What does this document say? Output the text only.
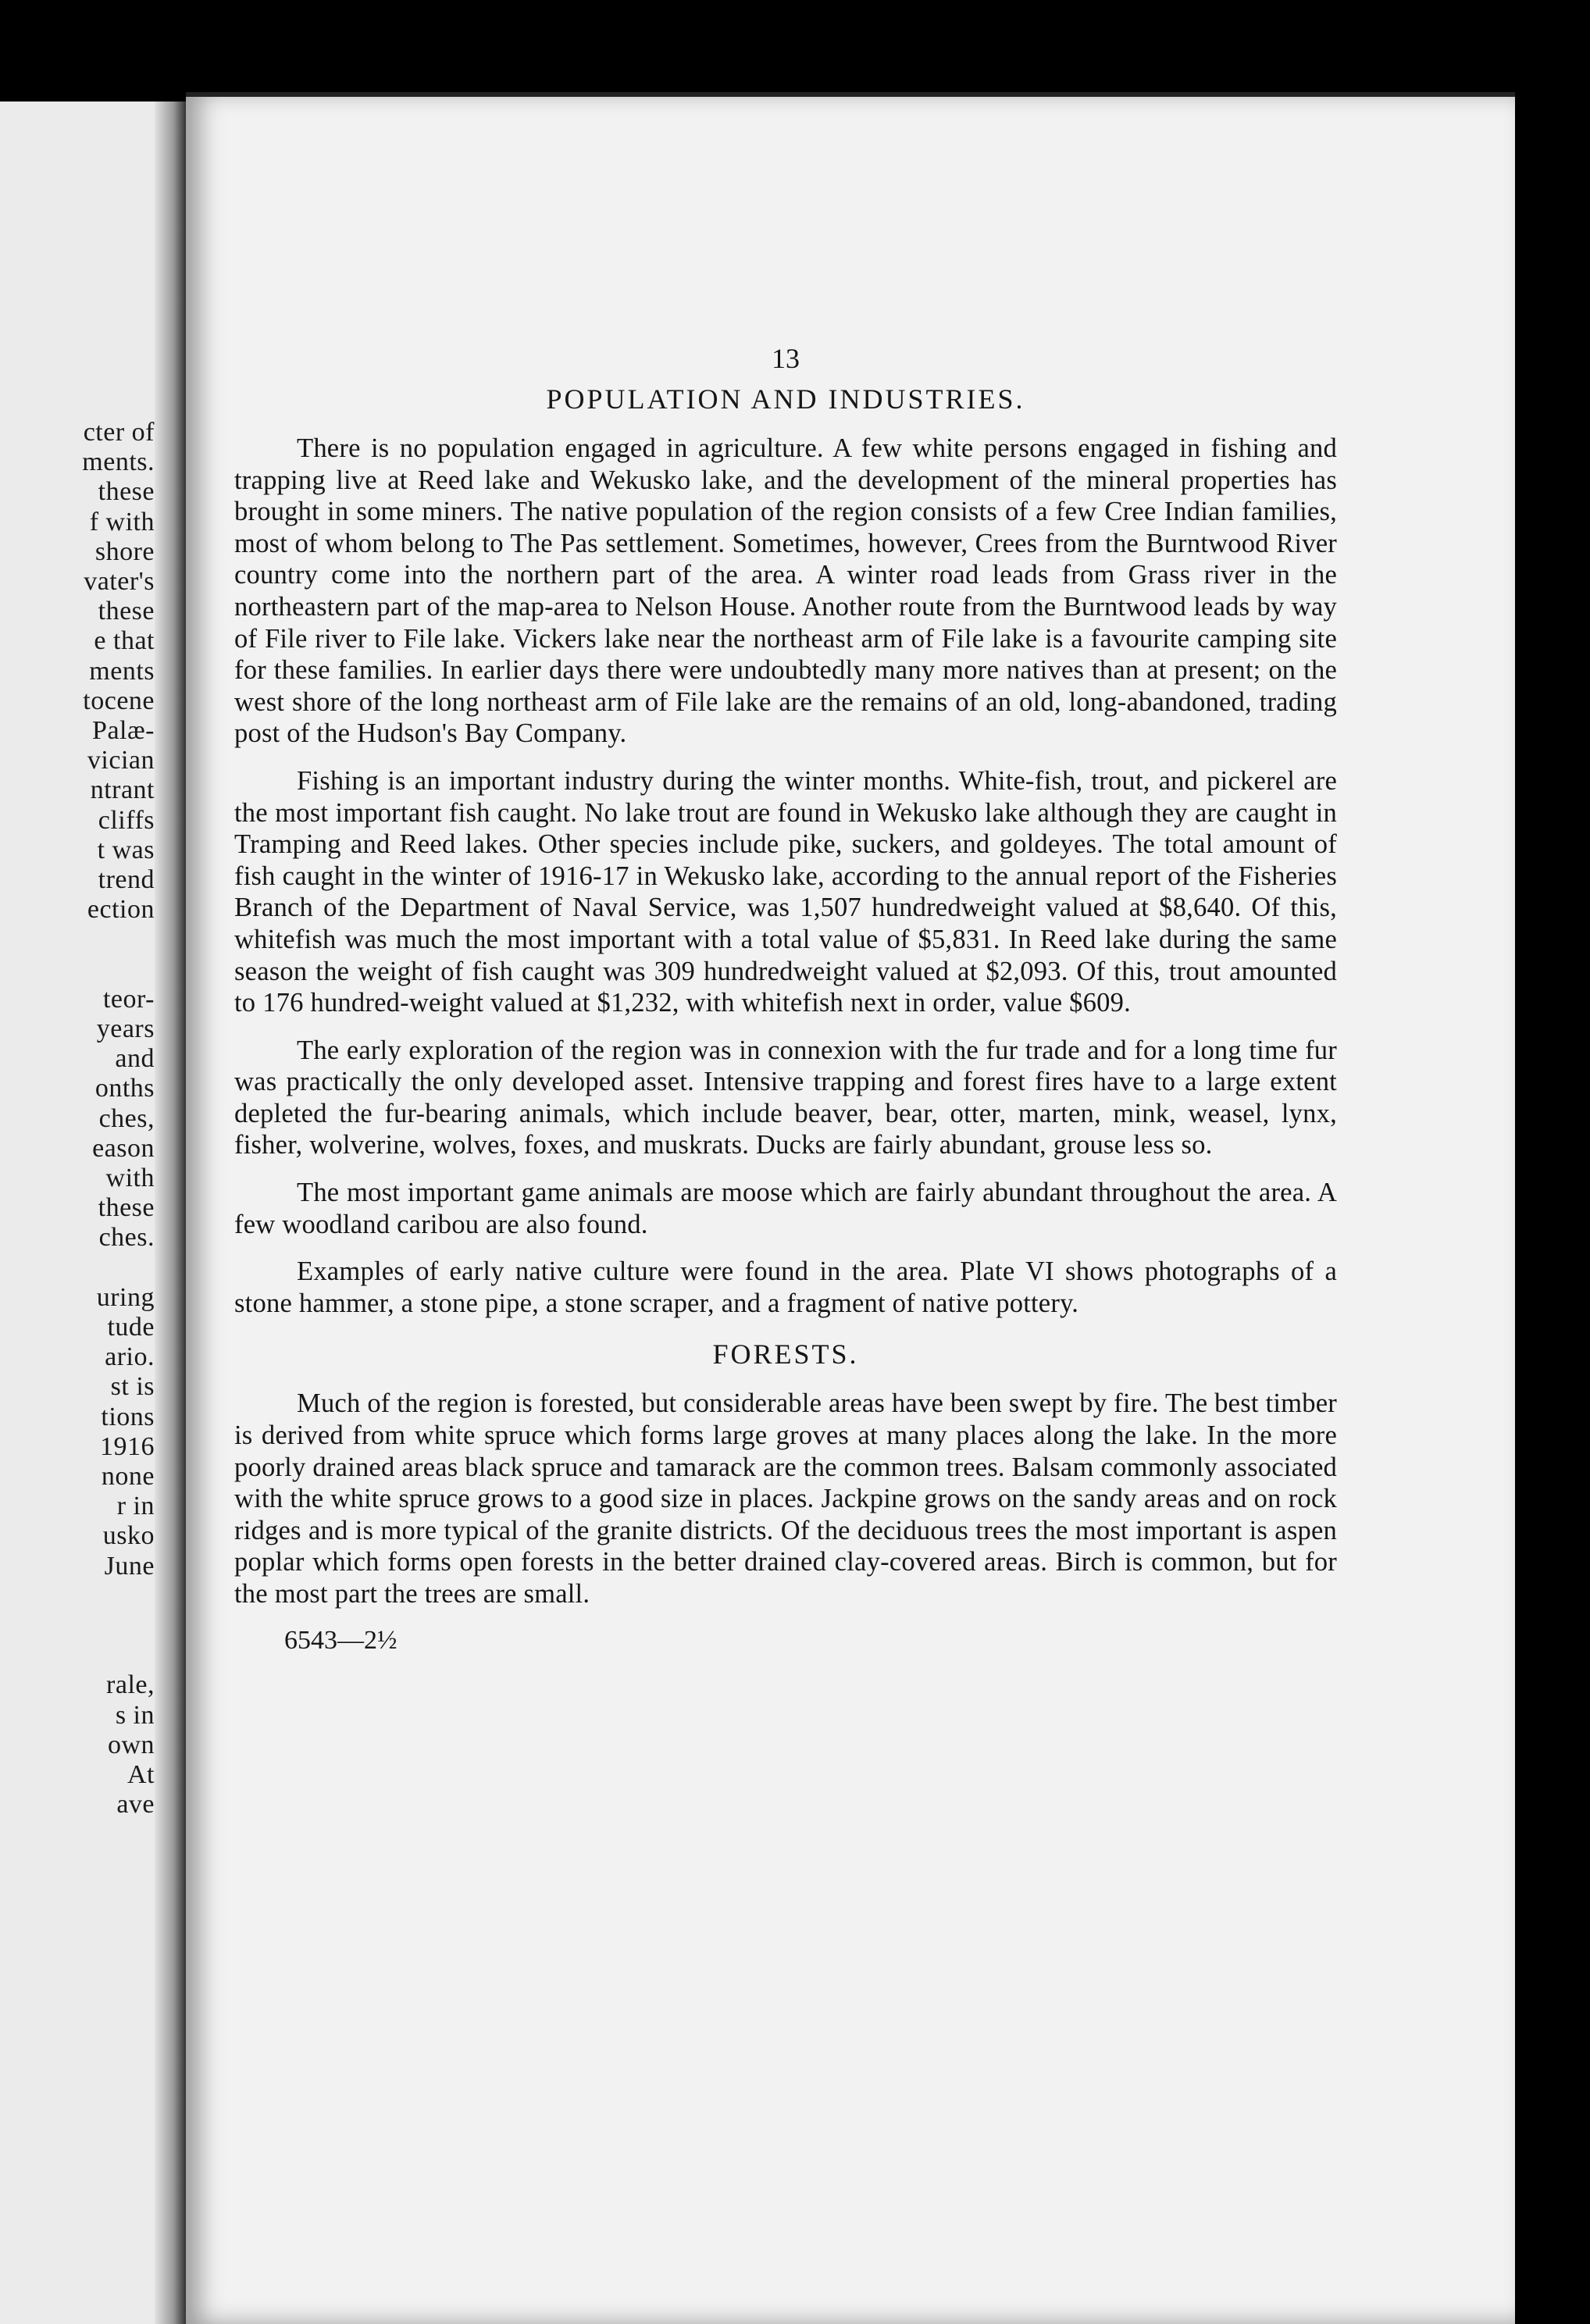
cter of
ments.
these
f with
shore
vater's
these
e that
ments
tocene
Palæ-
vician
ntrant
cliffs
t was
trend
ection
teor-
years
and
onths
ches,
eason
with
these
ches.
uring
tude
ario.
st is
tions
1916
none
r in
usko
June
rale,
s in
own
At
ave
13
POPULATION AND INDUSTRIES.

There is no population engaged in agriculture. A few white persons engaged in fishing and trapping live at Reed lake and Wekusko lake, and the development of the mineral properties has brought in some miners. The native population of the region consists of a few Cree Indian families, most of whom belong to The Pas settlement. Sometimes, however, Crees from the Burntwood River country come into the northern part of the area. A winter road leads from Grass river in the northeastern part of the map-area to Nelson House. Another route from the Burntwood leads by way of File river to File lake. Vickers lake near the northeast arm of File lake is a favourite camping site for these families. In earlier days there were undoubtedly many more natives than at present; on the west shore of the long northeast arm of File lake are the remains of an old, long-abandoned, trading post of the Hudson's Bay Company.

Fishing is an important industry during the winter months. White-fish, trout, and pickerel are the most important fish caught. No lake trout are found in Wekusko lake although they are caught in Tramping and Reed lakes. Other species include pike, suckers, and goldeyes. The total amount of fish caught in the winter of 1916-17 in Wekusko lake, according to the annual report of the Fisheries Branch of the Department of Naval Service, was 1,507 hundredweight valued at $8,640. Of this, whitefish was much the most important with a total value of $5,831. In Reed lake during the same season the weight of fish caught was 309 hundredweight valued at $2,093. Of this, trout amounted to 176 hundred-weight valued at $1,232, with whitefish next in order, value $609.

The early exploration of the region was in connexion with the fur trade and for a long time fur was practically the only developed asset. Intensive trapping and forest fires have to a large extent depleted the fur-bearing animals, which include beaver, bear, otter, marten, mink, weasel, lynx, fisher, wolverine, wolves, foxes, and muskrats. Ducks are fairly abundant, grouse less so.

The most important game animals are moose which are fairly abundant throughout the area. A few woodland caribou are also found.

Examples of early native culture were found in the area. Plate VI shows photographs of a stone hammer, a stone pipe, a stone scraper, and a fragment of native pottery.

FORESTS.

Much of the region is forested, but considerable areas have been swept by fire. The best timber is derived from white spruce which forms large groves at many places along the lake. In the more poorly drained areas black spruce and tamarack are the common trees. Balsam commonly associated with the white spruce grows to a good size in places. Jackpine grows on the sandy areas and on rock ridges and is more typical of the granite districts. Of the deciduous trees the most important is aspen poplar which forms open forests in the better drained clay-covered areas. Birch is common, but for the most part the trees are small.

6543—2½
